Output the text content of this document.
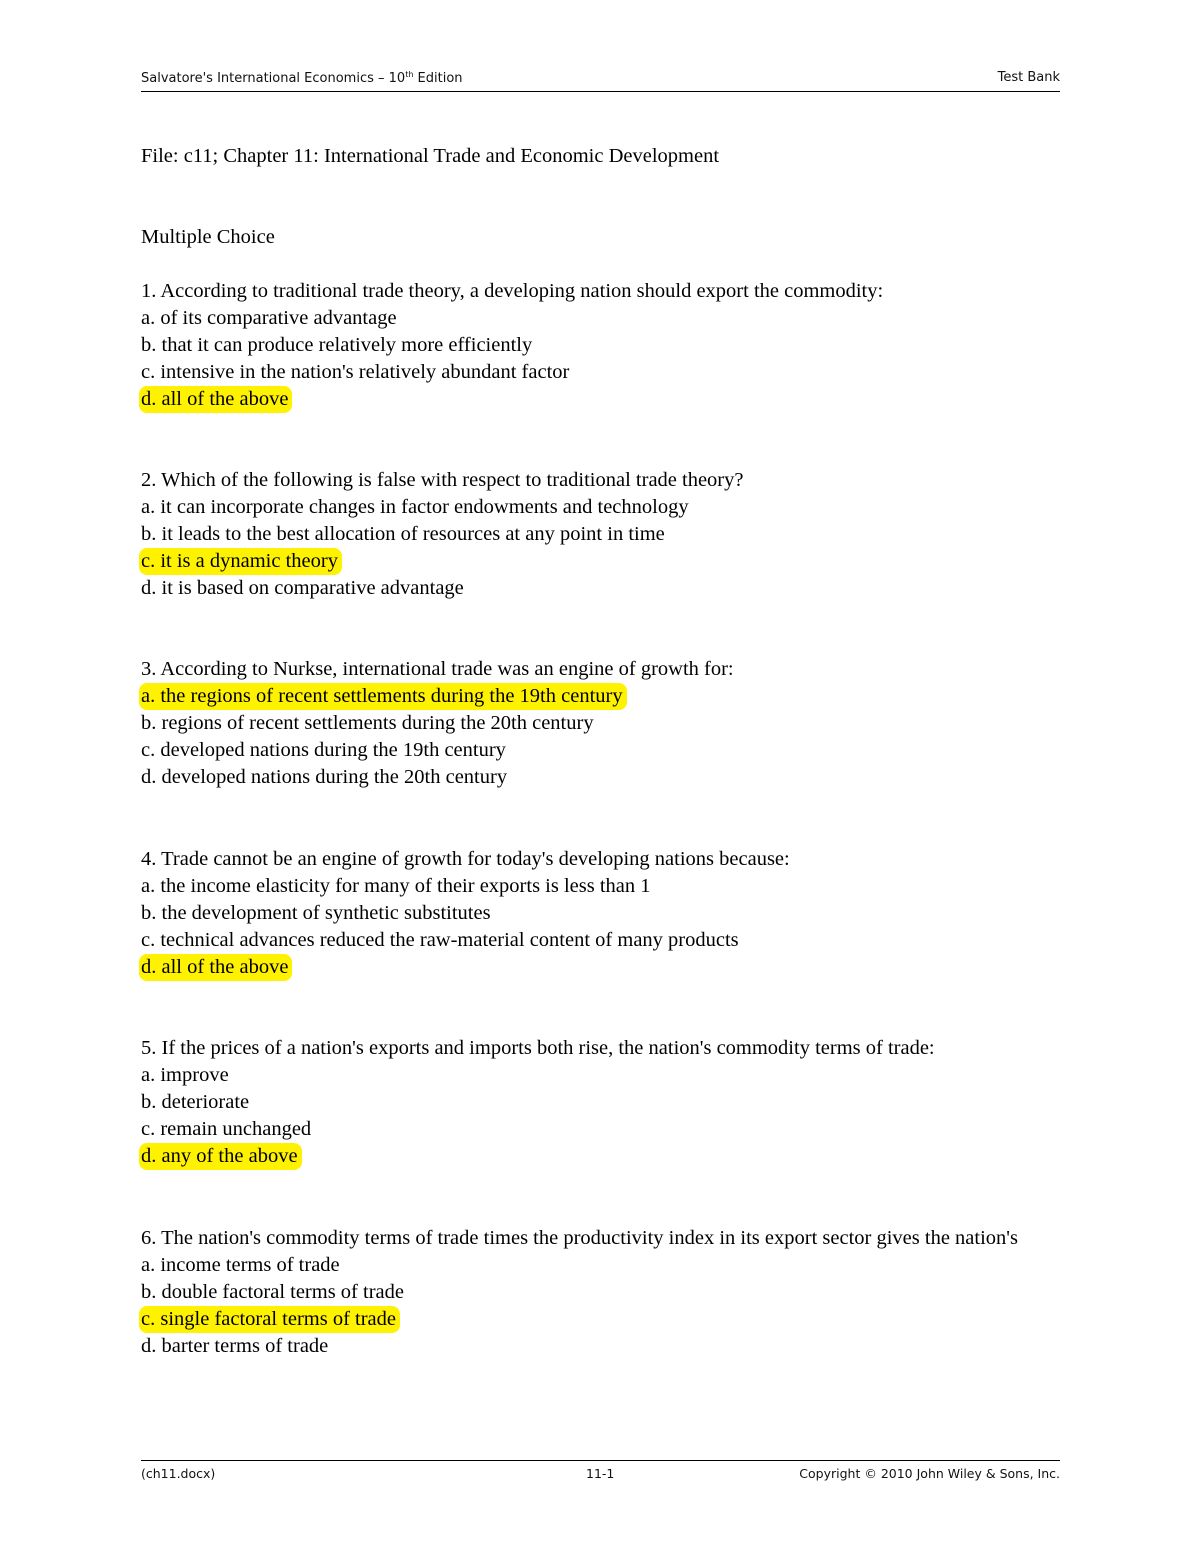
Salvatore's International Economics – 10th Edition	Test Bank
File: c11; Chapter 11: International Trade and Economic Development
Multiple Choice
1. According to traditional trade theory, a developing nation should export the commodity:
a. of its comparative advantage
b. that it can produce relatively more efficiently
c. intensive in the nation's relatively abundant factor
d. all of the above
2. Which of the following is false with respect to traditional trade theory?
a. it can incorporate changes in factor endowments and technology
b. it leads to the best allocation of resources at any point in time
c. it is a dynamic theory
d. it is based on comparative advantage
3. According to Nurkse, international trade was an engine of growth for:
a. the regions of recent settlements during the 19th century
b. regions of recent settlements during the 20th century
c. developed nations during the 19th century
d. developed nations during the 20th century
4. Trade cannot be an engine of growth for today's developing nations because:
a. the income elasticity for many of their exports is less than 1
b. the development of synthetic substitutes
c. technical advances reduced the raw-material content of many products
d. all of the above
5. If the prices of a nation's exports and imports both rise, the nation's commodity terms of trade:
a. improve
b. deteriorate
c. remain unchanged
d. any of the above
6. The nation's commodity terms of trade times the productivity index in its export sector gives the nation's
a. income terms of trade
b. double factoral terms of trade
c. single factoral terms of trade
d. barter terms of trade
(ch11.docx)	11-1	Copyright © 2010 John Wiley & Sons, Inc.
